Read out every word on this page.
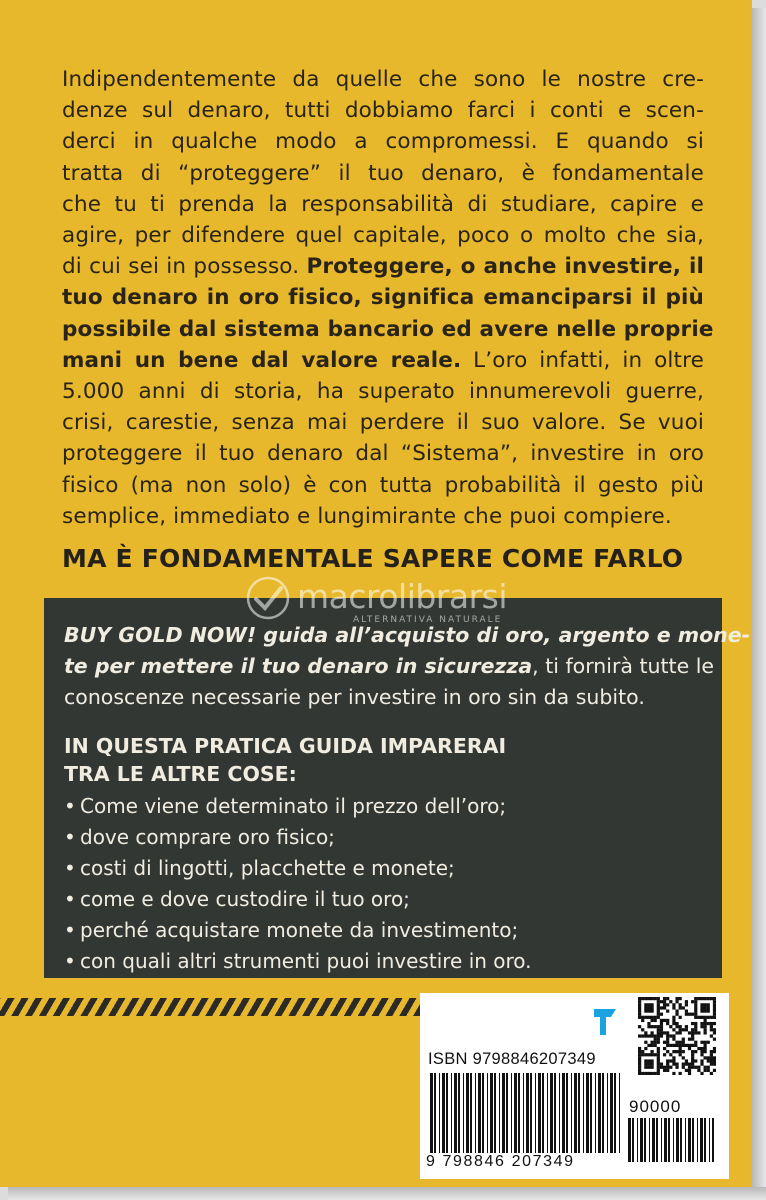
Indipendentemente da quelle che sono le nostre cre-
denze sul denaro, tutti dobbiamo farci i conti e scen-
derci in qualche modo a compromessi. E quando si
tratta di “proteggere” il tuo denaro, è fondamentale
che tu ti prenda la responsabilità di studiare, capire e
agire, per difendere quel capitale, poco o molto che sia,
di cui sei in possesso. Proteggere, o anche investire, il
tuo denaro in oro fisico, significa emanciparsi il più
possibile dal sistema bancario ed avere nelle proprie
mani un bene dal valore reale. L’oro infatti, in oltre
5.000 anni di storia, ha superato innumerevoli guerre,
crisi, carestie, senza mai perdere il suo valore. Se vuoi
proteggere il tuo denaro dal “Sistema”, investire in oro
fisico (ma non solo) è con tutta probabilità il gesto più
semplice, immediato e lungimirante che puoi compiere.
MA È FONDAMENTALE SAPERE COME FARLO
BUY GOLD NOW! guida all’acquisto di oro, argento e mone-
te per mettere il tuo denaro in sicurezza, ti fornirà tutte le
conoscenze necessarie per investire in oro sin da subito.
IN QUESTA PRATICA GUIDA IMPARERAI
TRA LE ALTRE COSE:
• Come viene determinato il prezzo dell’oro;
• dove comprare oro fisico;
• costi di lingotti, placchette e monete;
• come e dove custodire il tuo oro;
• perché acquistare monete da investimento;
• con quali altri strumenti puoi investire in oro.
macrolibrarsi
ALTERNATIVA NATURALE
ISBN 9798846207349
90000
9 798846 207349
